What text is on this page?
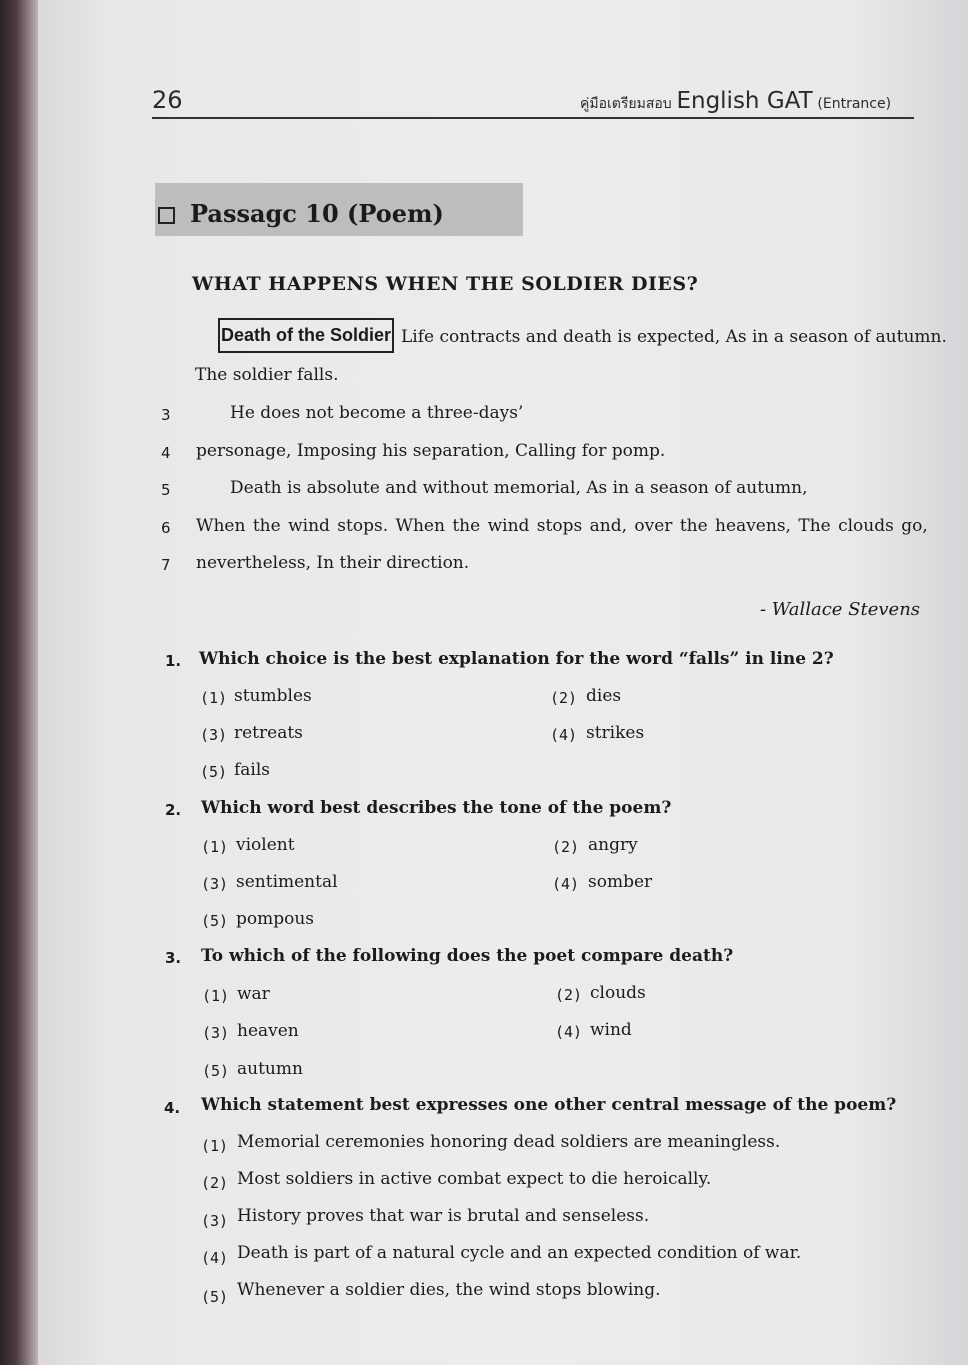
26	คู่มือเตรียมสอบ English GAT (Entrance)
Passagc 10 (Poem)
WHAT HAPPENS WHEN THE SOLDIER DIES?
Death of the Soldier Life contracts and death is expected, As in a season of autumn.
The soldier falls.
3	He does not become a three-days’
4 personage, Imposing his separation, Calling for pomp.
5	Death is absolute and without memorial, As in a season of autumn,
6 When the wind stops. When the wind stops and, over the heavens, The clouds go,
7 nevertheless, In their direction.
- Wallace Stevens
1. Which choice is the best explanation for the word “falls” in line 2?
(1) stumbles	(2) dies
(3) retreats	(4) strikes
(5) fails
2. Which word best describes the tone of the poem?
(1) violent	(2) angry
(3) sentimental	(4) somber
(5) pompous
3. To which of the following does the poet compare death?
(1) war	(2) clouds
(3) heaven	(4) wind
(5) autumn
4. Which statement best expresses one other central message of the poem?
(1) Memorial ceremonies honoring dead soldiers are meaningless.
(2) Most soldiers in active combat expect to die heroically.
(3) History proves that war is brutal and senseless.
(4) Death is part of a natural cycle and an expected condition of war.
(5) Whenever a soldier dies, the wind stops blowing.
